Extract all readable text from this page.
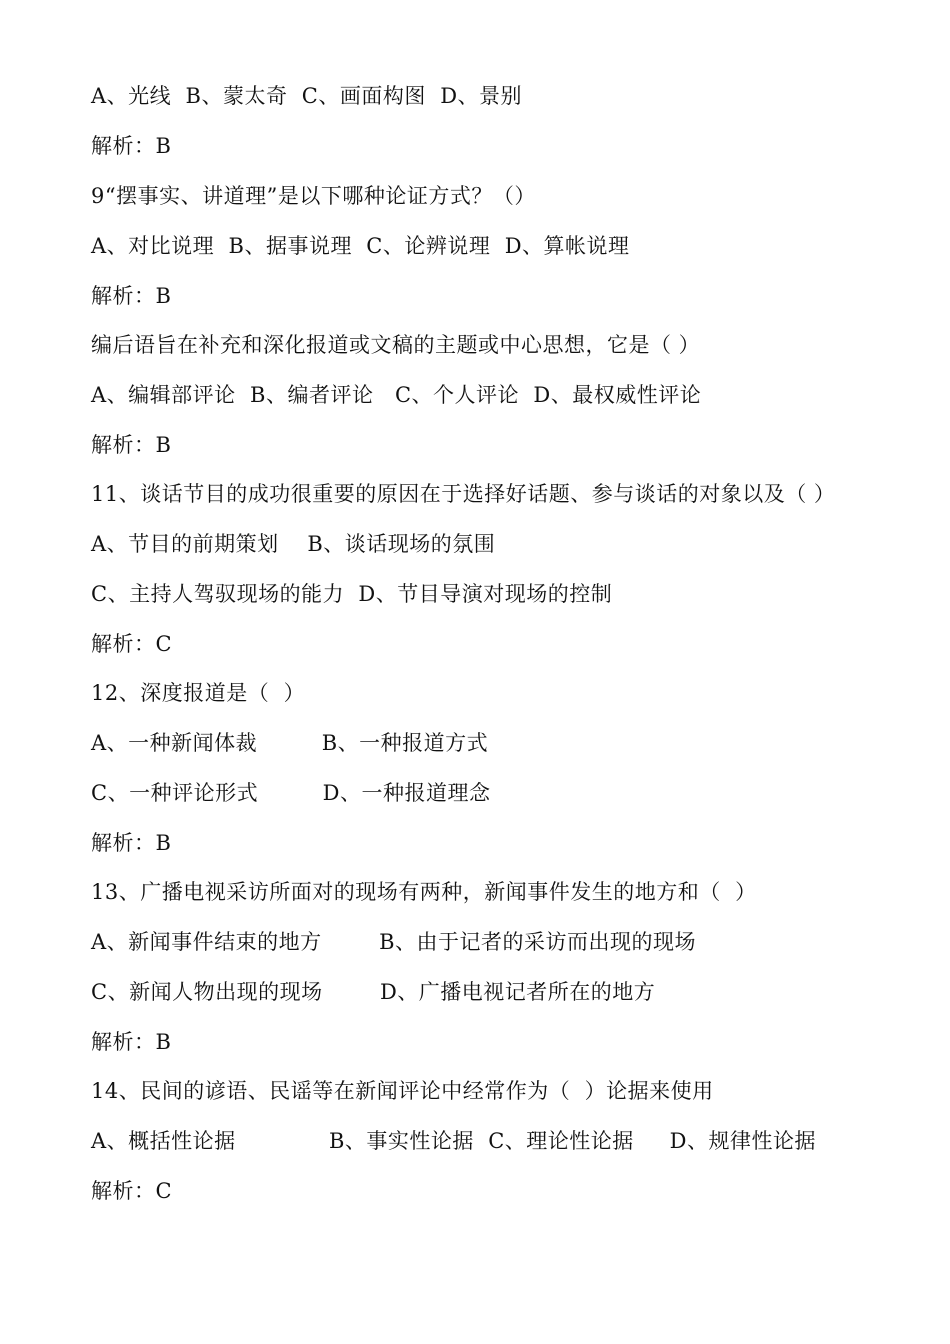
A、光线  B、蒙太奇  C、画面构图  D、景别
解析：B
9“摆事实、讲道理”是以下哪种论证方式？（）
A、对比说理  B、据事说理  C、论辨说理  D、算帐说理
解析：B
编后语旨在补充和深化报道或文稿的主题或中心思想，它是（ ）
A、编辑部评论  B、编者评论   C、个人评论  D、最权威性评论
解析：B
11、谈话节目的成功很重要的原因在于选择好话题、参与谈话的对象以及（ ）
A、节目的前期策划    B、谈话现场的氛围
C、主持人驾驭现场的能力  D、节目导演对现场的控制
解析：C
12、深度报道是（  ）
A、一种新闻体裁         B、一种报道方式
C、一种评论形式         D、一种报道理念
解析：B
13、广播电视采访所面对的现场有两种，新闻事件发生的地方和（  ）
A、新闻事件结束的地方        B、由于记者的采访而出现的现场
C、新闻人物出现的现场        D、广播电视记者所在的地方
解析：B
14、民间的谚语、民谣等在新闻评论中经常作为（  ）论据来使用
A、概括性论据             B、事实性论据  C、理论性论据     D、规律性论据
解析：C
